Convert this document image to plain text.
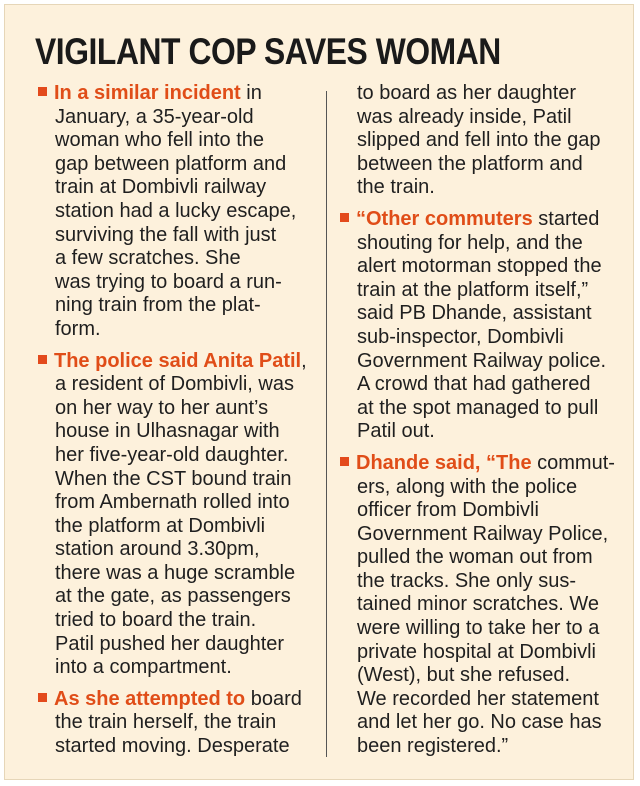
VIGILANT COP SAVES WOMAN

In a similar incident in
January, a 35-year-old
woman who fell into the
gap between platform and
train at Dombivli railway
station had a lucky escape,
surviving the fall with just
a few scratches. She
was trying to board a run-
ning train from the plat-
form.

The police said Anita Patil,
a resident of Dombivli, was
on her way to her aunt’s
house in Ulhasnagar with
her five-year-old daughter.
When the CST bound train
from Ambernath rolled into
the platform at Dombivli
station around 3.30pm,
there was a huge scramble
at the gate, as passengers
tried to board the train.
Patil pushed her daughter
into a compartment.

As she attempted to board
the train herself, the train
started moving. Desperate

to board as her daughter
was already inside, Patil
slipped and fell into the gap
between the platform and
the train.

“Other commuters started
shouting for help, and the
alert motorman stopped the
train at the platform itself,”
said PB Dhande, assistant
sub-inspector, Dombivli
Government Railway police.
A crowd that had gathered
at the spot managed to pull
Patil out.

Dhande said, “The commut-
ers, along with the police
officer from Dombivli
Government Railway Police,
pulled the woman out from
the tracks. She only sus-
tained minor scratches. We
were willing to take her to a
private hospital at Dombivli
(West), but she refused.
We recorded her statement
and let her go. No case has
been registered.”
